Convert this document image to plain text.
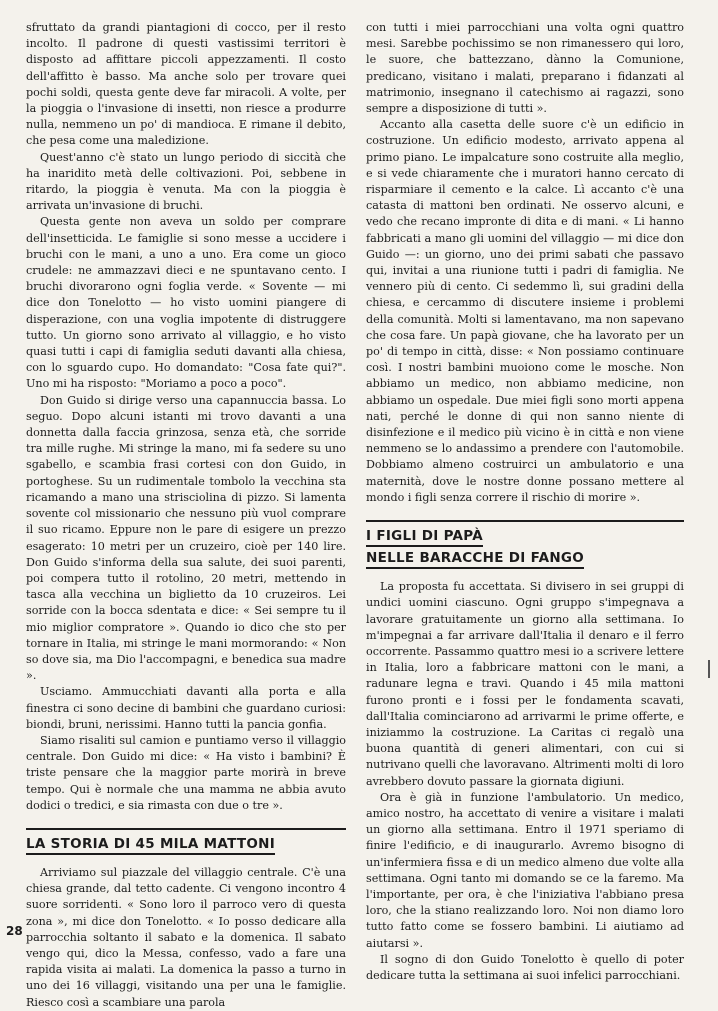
sfruttato da grandi piantagioni di cocco, per il resto incolto. Il padrone di questi vastissimi territori è disposto ad affittare piccoli appezzamenti. Il costo dell'affitto è basso. Ma anche solo per trovare quei pochi soldi, questa gente deve far miracoli. A volte, per la pioggia o l'invasione di insetti, non riesce a produrre nulla, nemmeno un po' di mandioca. E rimane il debito, che pesa come una maledizione.

Quest'anno c'è stato un lungo periodo di siccità che ha inaridito metà delle coltivazioni. Poi, sebbene in ritardo, la pioggia è venuta. Ma con la pioggia è arrivata un'invasione di bruchi.

Questa gente non aveva un soldo per comprare dell'insetticida. Le famiglie si sono messe a uccidere i bruchi con le mani, a uno a uno. Era come un gioco crudele: ne ammazzavi dieci e ne spuntavano cento. I bruchi divorarono ogni foglia verde. « Sovente — mi dice don Tonelotto — ho visto uomini piangere di disperazione, con una voglia impotente di distruggere tutto. Un giorno sono arrivato al villaggio, e ho visto quasi tutti i capi di famiglia seduti davanti alla chiesa, con lo sguardo cupo. Ho domandato: "Cosa fate qui?". Uno mi ha risposto: "Moriamo a poco a poco".

Don Guido si dirige verso una capannuccia bassa. Lo seguo. Dopo alcuni istanti mi trovo davanti a una donnetta dalla faccia grinzosa, senza età, che sorride tra mille rughe. Mi stringe la mano, mi fa sedere su uno sgabello, e scambia frasi cortesi con don Guido, in portoghese. Su un rudimentale tombolo la vecchina sta ricamando a mano una strisciolina di pizzo. Si lamenta sovente col missionario che nessuno più vuol comprare il suo ricamo. Eppure non le pare di esigere un prezzo esagerato: 10 metri per un cruzeiro, cioè per 140 lire. Don Guido s'informa della sua salute, dei suoi parenti, poi compera tutto il rotolino, 20 metri, mettendo in tasca alla vecchina un biglietto da 10 cruzeiros. Lei sorride con la bocca sdentata e dice: « Sei sempre tu il mio miglior compratore ». Quando io dico che sto per tornare in Italia, mi stringe le mani mormorando: « Non so dove sia, ma Dio l'accompagni, e benedica sua madre ».

Usciamo. Ammucchiati davanti alla porta e alla finestra ci sono decine di bambini che guardano curiosi: biondi, bruni, nerissimi. Hanno tutti la pancia gonfia.

Siamo risaliti sul camion e puntiamo verso il villaggio centrale. Don Guido mi dice: « Ha visto i bambini? È triste pensare che la maggior parte morirà in breve tempo. Qui è normale che una mamma ne abbia avuto dodici o tredici, e sia rimasta con due o tre ».

LA STORIA DI 45 MILA MATTONI

Arriviamo sul piazzale del villaggio centrale. C'è una chiesa grande, dal tetto cadente. Ci vengono incontro 4 suore sorridenti. « Sono loro il parroco vero di questa zona », mi dice don Tonelotto. « Io posso dedicare alla parrocchia soltanto il sabato e la domenica. Il sabato vengo qui, dico la Messa, confesso, vado a fare una rapida visita ai malati. La domenica la passo a turno in uno dei 16 villaggi, visitando una per una le famiglie. Riesco così a scambiare una parola

con tutti i miei parrocchiani una volta ogni quattro mesi. Sarebbe pochissimo se non rimanessero qui loro, le suore, che battezzano, dànno la Comunione, predicano, visitano i malati, preparano i fidanzati al matrimonio, insegnano il catechismo ai ragazzi, sono sempre a disposizione di tutti ».

Accanto alla casetta delle suore c'è un edificio in costruzione. Un edificio modesto, arrivato appena al primo piano. Le impalcature sono costruite alla meglio, e si vede chiaramente che i muratori hanno cercato di risparmiare il cemento e la calce. Lì accanto c'è una catasta di mattoni ben ordinati. Ne osservo alcuni, e vedo che recano impronte di dita e di mani. « Li hanno fabbricati a mano gli uomini del villaggio — mi dice don Guido —: un giorno, uno dei primi sabati che passavo qui, invitai a una riunione tutti i padri di famiglia. Ne vennero più di cento. Ci sedemmo lì, sui gradini della chiesa, e cercammo di discutere insieme i problemi della comunità. Molti si lamentavano, ma non sapevano che cosa fare. Un papà giovane, che ha lavorato per un po' di tempo in città, disse: « Non possiamo continuare così. I nostri bambini muoiono come le mosche. Non abbiamo un medico, non abbiamo medicine, non abbiamo un ospedale. Due miei figli sono morti appena nati, perché le donne di qui non sanno niente di disinfezione e il medico più vicino è in città e non viene nemmeno se lo andassimo a prendere con l'automobile. Dobbiamo almeno costruirci un ambulatorio e una maternità, dove le nostre donne possano mettere al mondo i figli senza correre il rischio di morire ».

I FIGLI DI PAPÀ
NELLE BARACCHE DI FANGO

La proposta fu accettata. Si divisero in sei gruppi di undici uomini ciascuno. Ogni gruppo s'impegnava a lavorare gratuitamente un giorno alla settimana. Io m'impegnai a far arrivare dall'Italia il denaro e il ferro occorrente. Passammo quattro mesi io a scrivere lettere in Italia, loro a fabbricare mattoni con le mani, a radunare legna e travi. Quando i 45 mila mattoni furono pronti e i fossi per le fondamenta scavati, dall'Italia cominciarono ad arrivarmi le prime offerte, e iniziammo la costruzione. La Caritas ci regalò una buona quantità di generi alimentari, con cui si nutrivano quelli che lavoravano. Altrimenti molti di loro avrebbero dovuto passare la giornata digiuni.

Ora è già in funzione l'ambulatorio. Un medico, amico nostro, ha accettato di venire a visitare i malati un giorno alla settimana. Entro il 1971 speriamo di finire l'edificio, e di inaugurarlo. Avremo bisogno di un'infermiera fissa e di un medico almeno due volte alla settimana. Ogni tanto mi domando se ce la faremo. Ma l'importante, per ora, è che l'iniziativa l'abbiano presa loro, che la stiano realizzando loro. Noi non diamo loro tutto fatto come se fossero bambini. Li aiutiamo ad aiutarsi ».

Il sogno di don Guido Tonelotto è quello di poter dedicare tutta la settimana ai suoi infelici parrocchiani.

28
